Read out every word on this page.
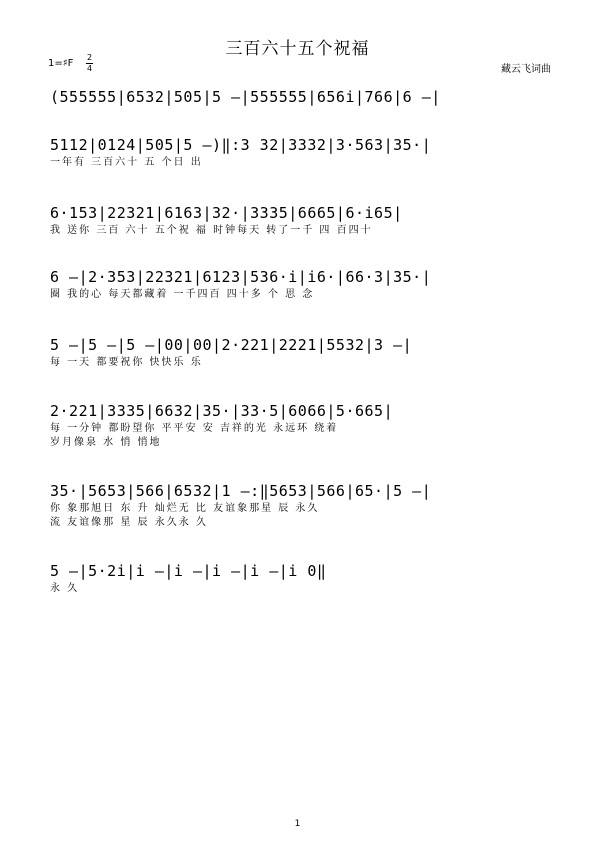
三百六十五个祝福
1=♯F
2
4	藏云飞词曲
(555555|6532|505|5 –|555555|656i|766|6 –|
5112|0124|505|5 –)‖:3 32|3332|3·563|35·|
一年有 三百六十 五 个日 出
6·153|22321|6163|32·|3335|6665|6·i65|
我 送你 三百 六十 五个祝 福 时钟每天 转了一千 四 百四十
6 –|2·353|22321|6123|536·i|i6·|66·3|35·|
圈 我的心 每天都藏着 一千四百 四十多 个 思 念
5 –|5 –|5 –|00|00|2·221|2221|5532|3 –|
每 一天 都要祝你 快快乐 乐
2·221|3335|6632|35·|33·5|6066|5·665|
每 一分钟 都盼望你 平平安 安 吉祥的光 永远环 绕着
岁月像泉 水 悄 悄地
35·|5653|566|6532|1 –:‖5653|566|65·|5 –|
你 象那旭日 东 升 灿烂无 比 友谊象那星 辰 永久
流 友谊像那 星 辰 永久永 久
5 –|5·2i|i –|i –|i –|i –|i 0‖
永 久
1
